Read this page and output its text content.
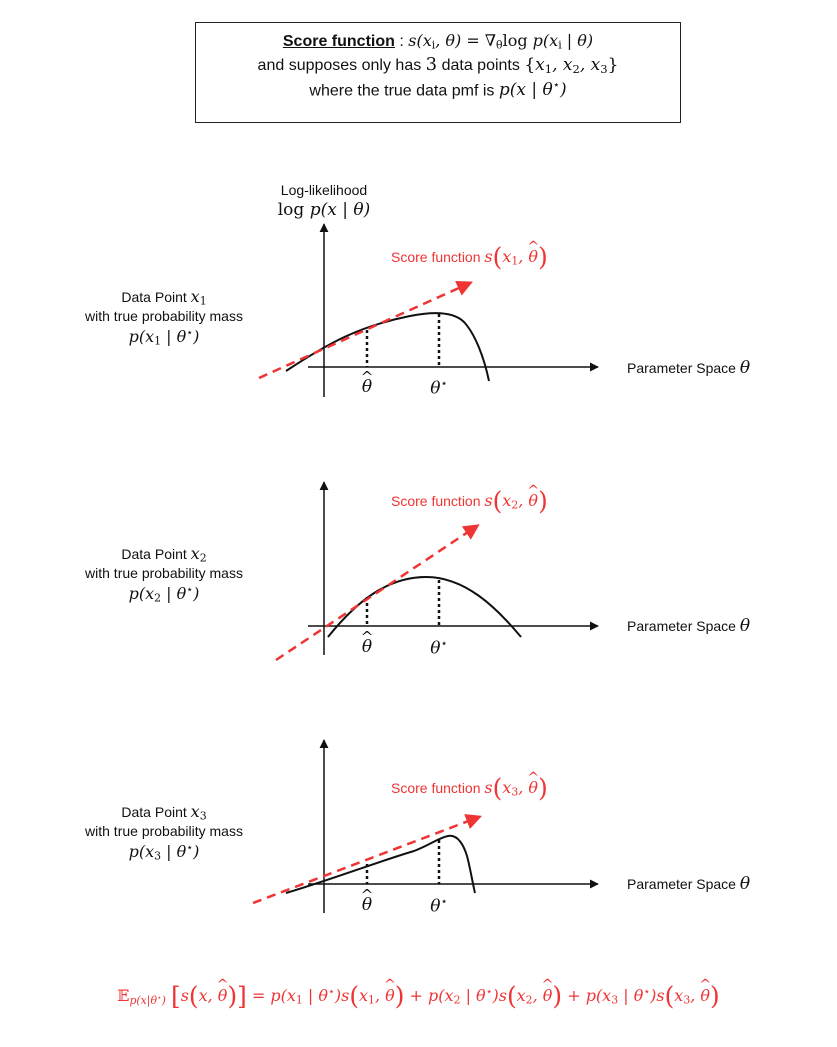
Score function : $s(x_i$, $\theta) = \nabla_\theta\log$ $p(x_i$ | θ)
and supposes only has 3 data points {$x_1$, $x_2$, $x_3$}
where the true data pmf is p(x | θ⋆)
Log-likelihood
log p(x | θ)
Data Point $x_1$
with true probability mass
$p(x_1$ | θ⋆)
Score function $s(x_1$, θ ^)
Parameter Space θ
θ ^	θ⋆
Data Point $x_2$
with true probability mass
$p(x_2$ | θ⋆)
Score function $s(x_2$, θ ^)
Parameter Space θ
θ ^	θ⋆
Data Point $x_3$
with true probability mass
$p(x_3$ | θ⋆)
Score function $s(x_3$, θ ^)
Parameter Space θ
θ ^	θ⋆
𝔼$_{p(x|\theta^⋆)}$ [s(x, θ ^)] = $p(x_1$ | $\theta^⋆)s(x_1$, θ ^) + $p(x_2$ | $\theta^⋆)s(x_2$, θ ^) + $p(x_3$ | $\theta^⋆)s(x_3$, θ ^)
